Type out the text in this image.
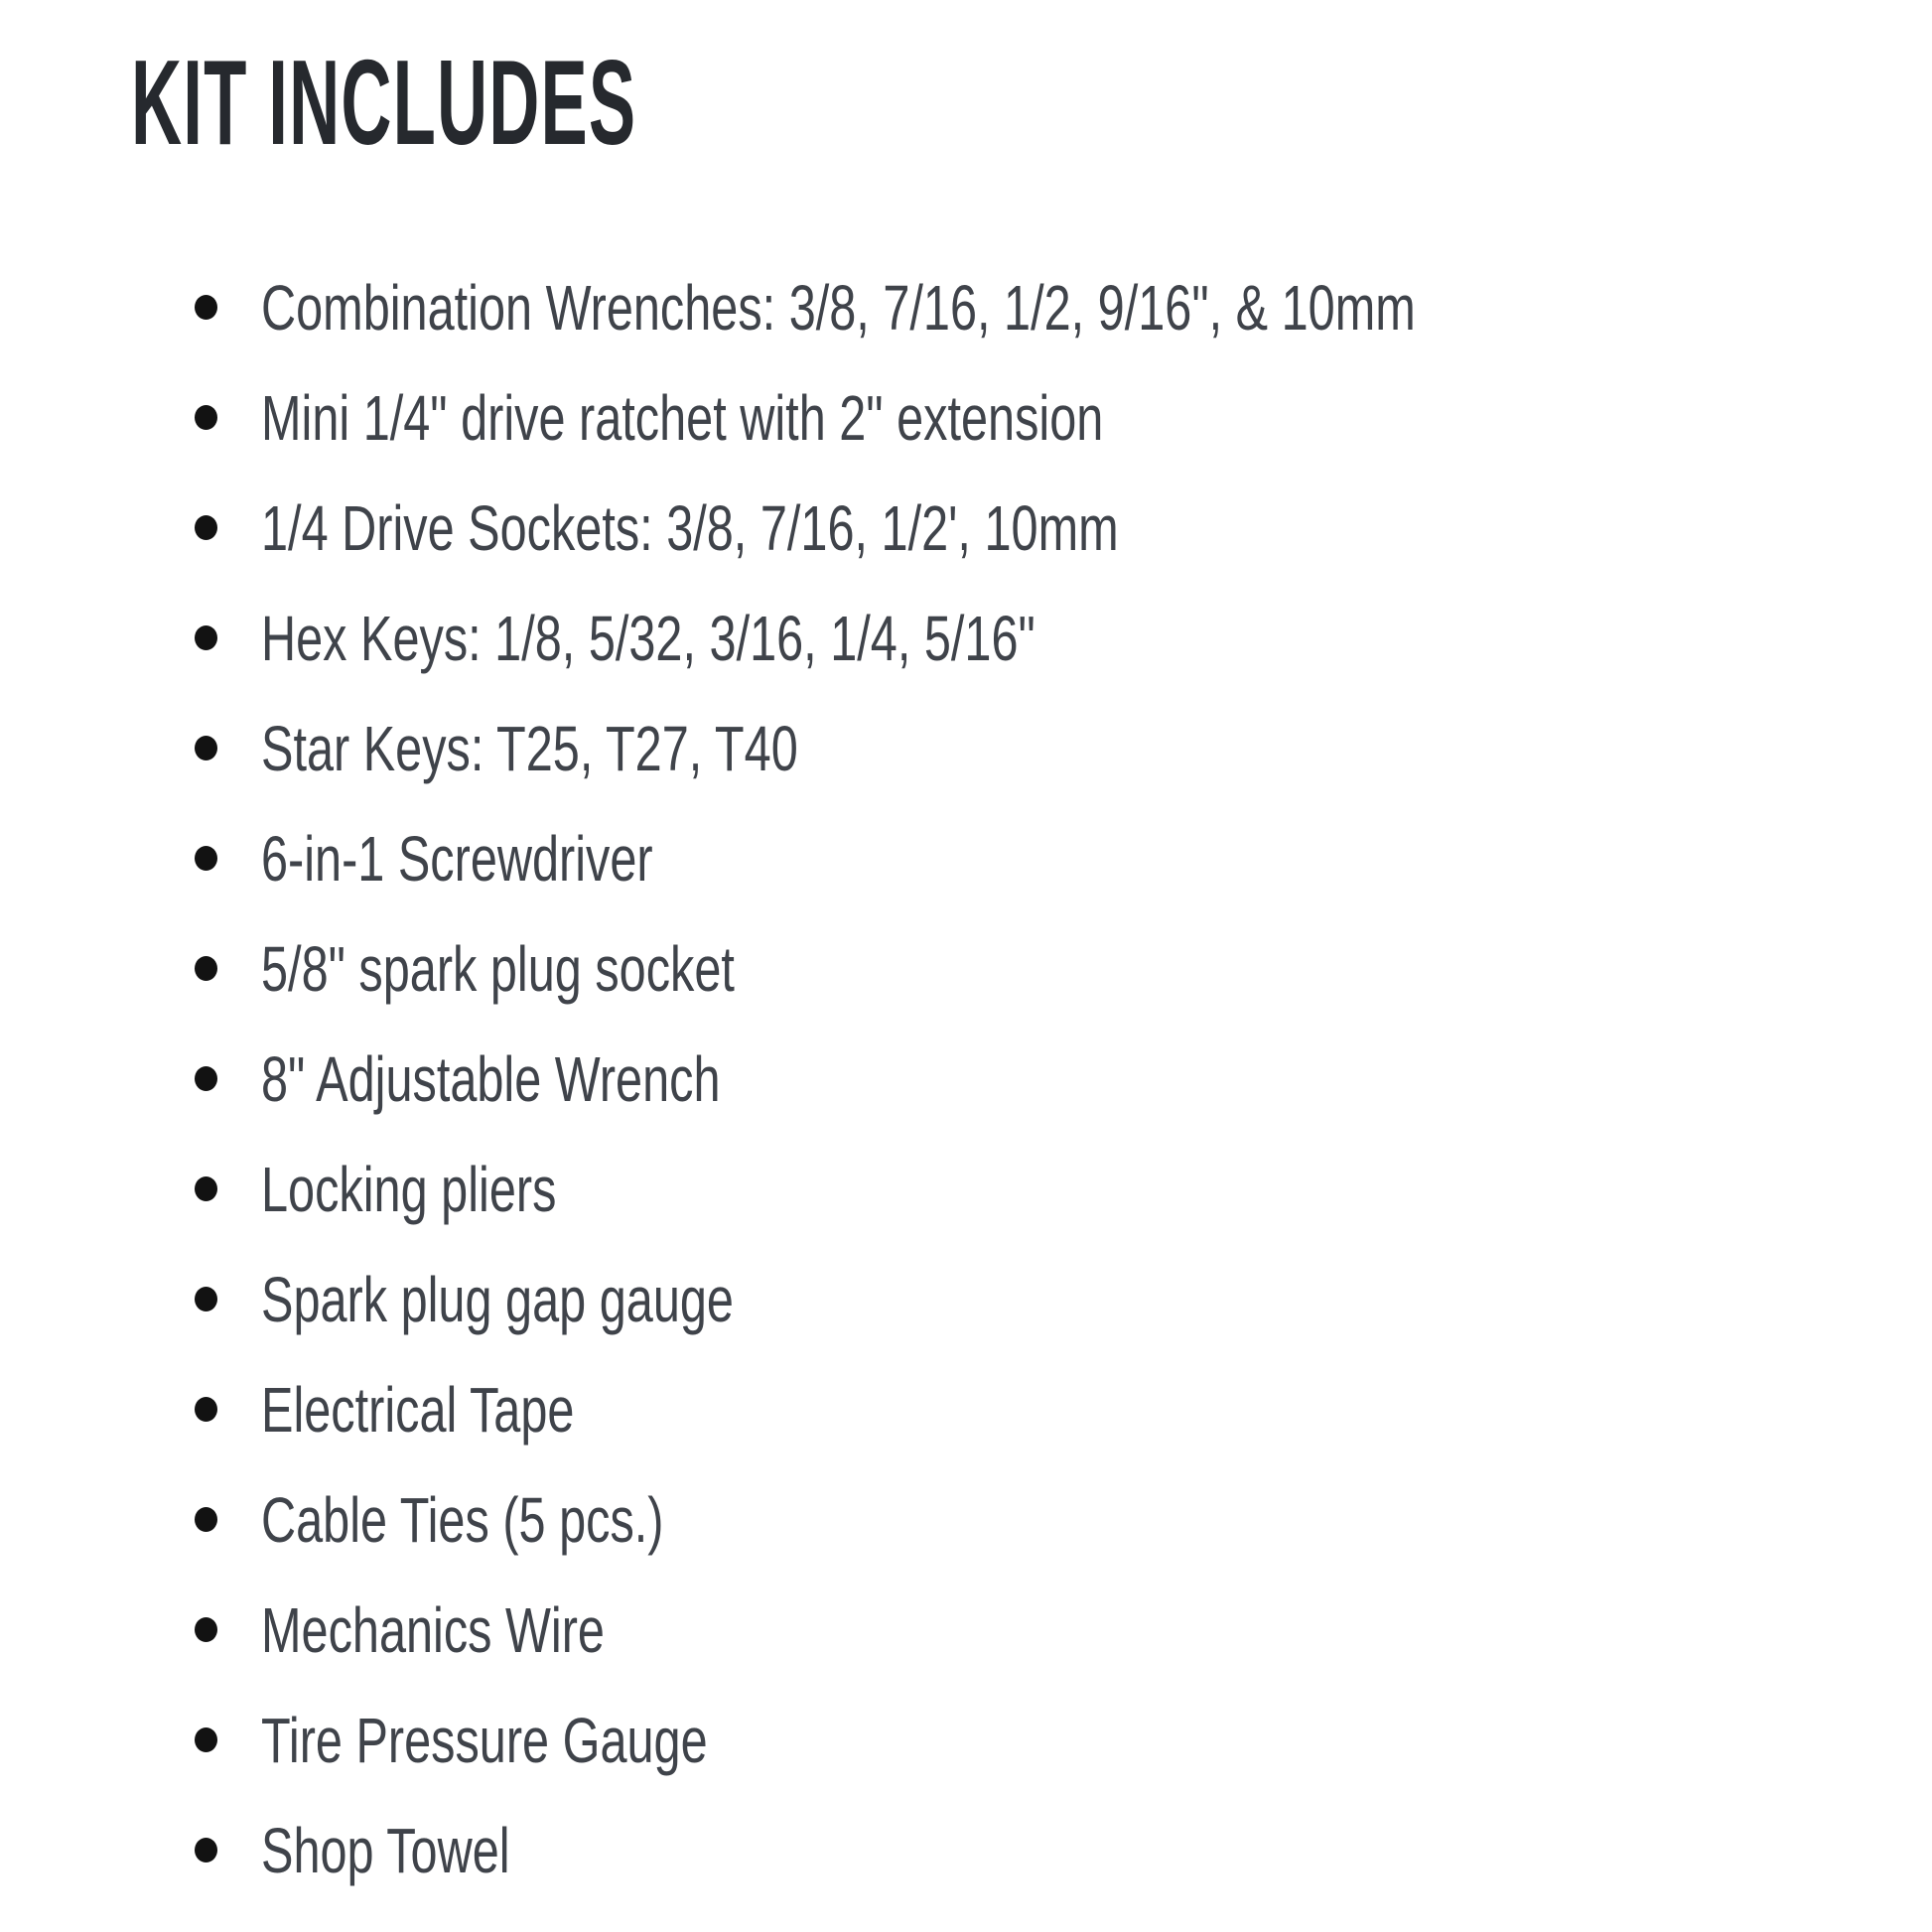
KIT INCLUDES
Combination Wrenches: 3/8, 7/16, 1/2, 9/16", & 10mm
Mini 1/4" drive ratchet with 2" extension
1/4 Drive Sockets: 3/8, 7/16, 1/2', 10mm
Hex Keys: 1/8, 5/32, 3/16, 1/4, 5/16"
Star Keys: T25, T27, T40
6-in-1 Screwdriver
5/8" spark plug socket
8" Adjustable Wrench
Locking pliers
Spark plug gap gauge
Electrical Tape
Cable Ties (5 pcs.)
Mechanics Wire
Tire Pressure Gauge
Shop Towel
